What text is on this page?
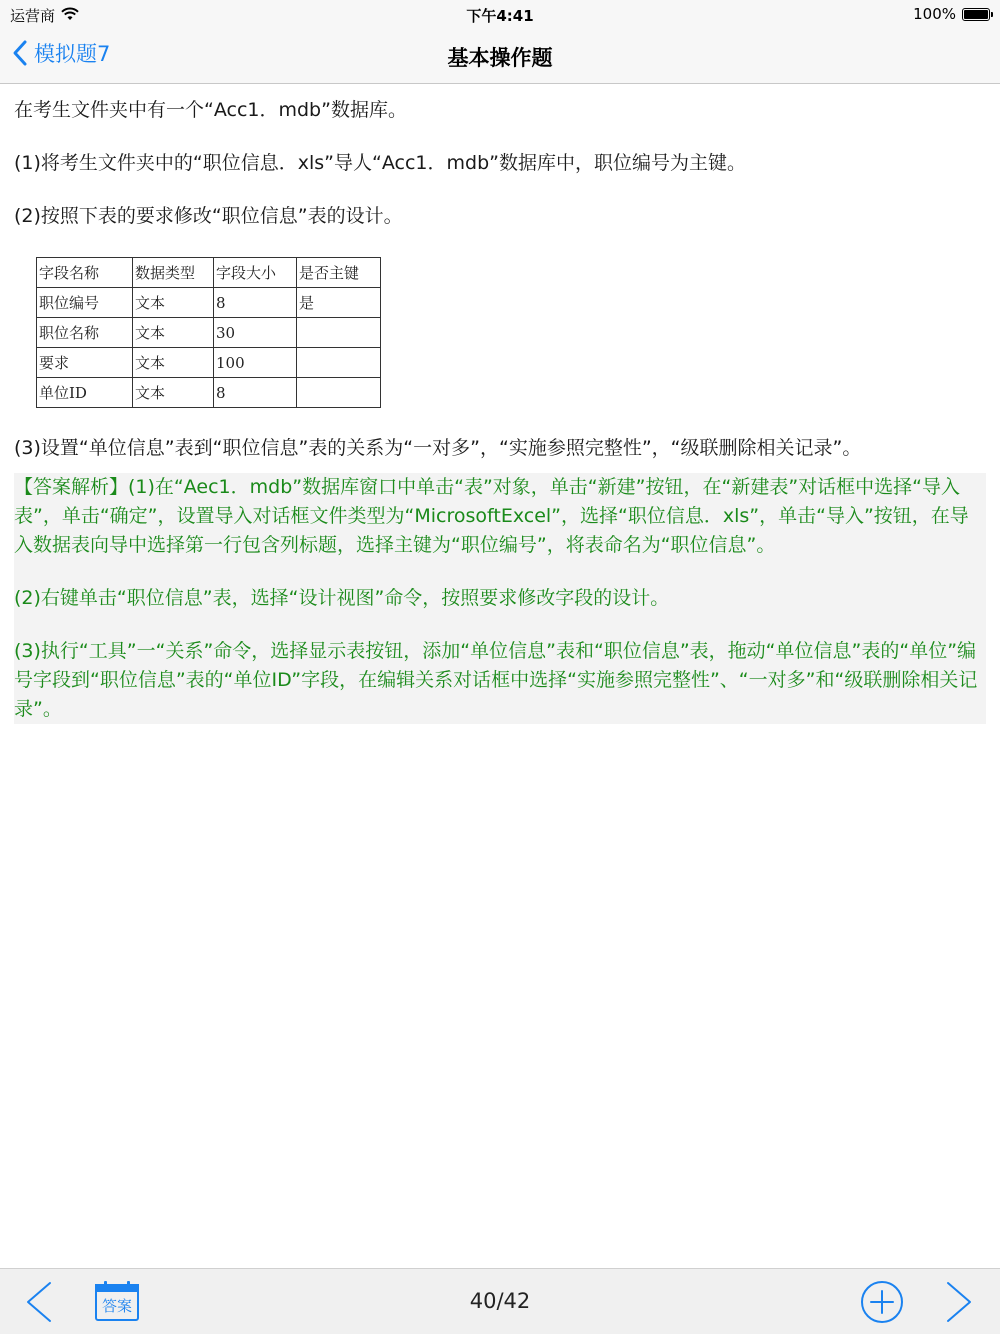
运营商	下午4:41	100%
模拟题7	基本操作题

在考生文件夹中有一个“Acc1．mdb”数据库。

(1)将考生文件夹中的“职位信息．xls”导人“Acc1．mdb”数据库中，职位编号为主键。

(2)按照下表的要求修改“职位信息”表的设计。

字段名称	数据类型	字段大小	是否主键
职位编号	文本	8	是
职位名称	文本	30	
要求	文本	100	
单位ID	文本	8	

(3)设置“单位信息”表到“职位信息”表的关系为“一对多”，“实施参照完整性”，“级联删除相关记录”。

【答案解析】(1)在“Aec1．mdb”数据库窗口中单击“表”对象，单击“新建”按钮，在“新建表”对话框中选择“导入表”，单击“确定”，设置导入对话框文件类型为“MicrosoftExcel”，选择“职位信息．xls”，单击“导入”按钮，在导入数据表向导中选择第一行包含列标题，选择主键为“职位编号”，将表命名为“职位信息”。

(2)右键单击“职位信息”表，选择“设计视图”命令，按照要求修改字段的设计。

(3)执行“工具”一“关系”命令，选择显示表按钮，添加“单位信息”表和“职位信息”表，拖动“单位信息”表的“单位”编号字段到“职位信息”表的“单位ID”字段，在编辑关系对话框中选择“实施参照完整性”、“一对多”和“级联删除相关记录”。

答案	40/42
